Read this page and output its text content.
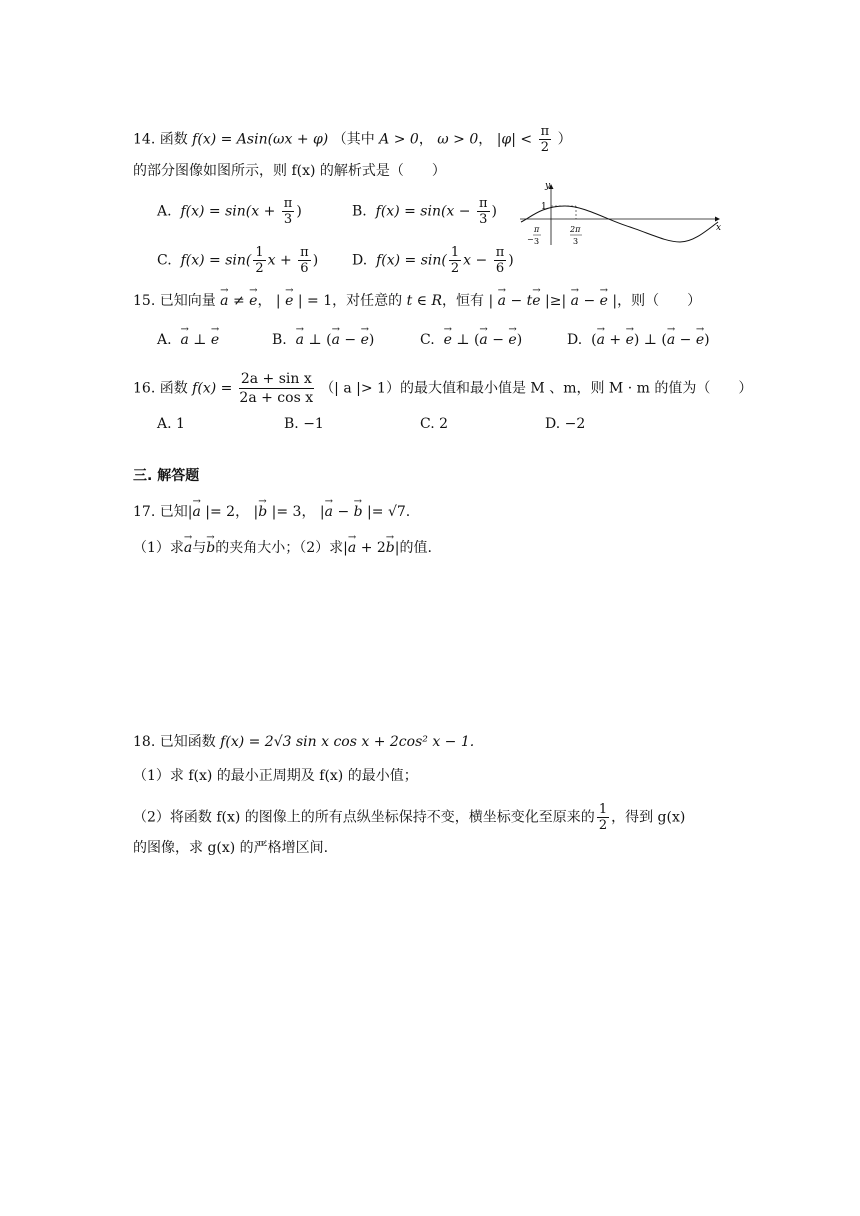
14. 函数 f(x) = Asin(ωx + φ) （其中 A > 0， ω > 0， $|\varphi| < \frac{\pi}{2}$ ）
的部分图像如图所示，则 f(x) 的解析式是（　　）
A. $f(x) = \sin(x + \frac{\pi}{3}$ )	B. $f(x) = \sin(x - \frac{\pi}{3}$ )
C. $f(x) = \sin( \frac{1}{2}$ $x + \frac{\pi}{6}$ ) D. $f(x) = \sin( \frac{1}{2}$ $x - \frac{\pi}{6}$ )
y
x
1
−
π
3
2π
3
15. 已知向量 → a ≠ → e， | → e | = 1，对任意的 t ∈ R，恒有 | → a − t→ e |≥| → a − → e |，则（　　）
A. → a ⊥ → e	B. → a ⊥ (→ a − → e)	C. → e ⊥ (→ a − → e)	D.  (→ a + → e) ⊥ (→ a − → e)
16. 函数 $f(x) = \frac{\text{2a + sin x}}{\text{2a + cos x}}$ （| a |> 1）的最大值和最小值是 M 、m，则 M · m 的值为（　　）
A. 1	B. −1	C. 2	D. −2
三. 解答题
17. 已知|→ a |= 2， |→ b |= 3， |→ a − → b |= √7.
（1）求→ a与→ b的夹角大小；（2）求|→ a + 2→ b|的值.
18. 已知函数 f(x) = 2√3 sin x cos x + 2cos² x − 1.
（1）求 f(x) 的最小正周期及 f(x) 的最小值；
（2）将函数 f(x) 的图像上的所有点纵坐标保持不变，横坐标变化至原来的 $\frac{1}{2}$ ，得到 g(x)
的图像，求 g(x) 的严格增区间.
